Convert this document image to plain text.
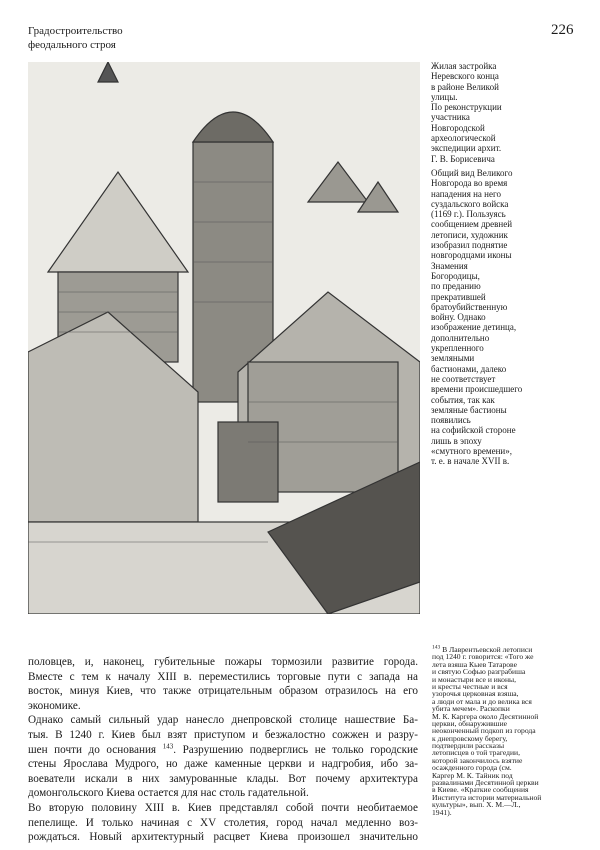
Градостроительство
феодального строя
226
Жилая застройка
Неревского конца
в районе Великой
улицы.
По реконструкции
участника
Новгородской
археологической
экспедиции архит.
Г. В. Борисевича
Общий вид Великого
Новгорода во время
нападения на него
суздальского войска
(1169 г.). Пользуясь
сообщением древней
летописи, художник
изобразил поднятие
новгородцами иконы
Знамения
Богородицы,
по преданию
прекратившей
братоубийственную
войну. Однако
изображение детинца,
дополнительно
укрепленного
земляными
бастионами, далеко
не соответствует
времени происшедшего
события, так как
земляные бастионы
появились
на софийской стороне
лишь в эпоху
«смутного времени»,
т. е. в начале XVII в.
половцев, и, наконец, губительные пожары тормозили развитие города.
Вместе с тем к началу XIII в. переместились торговые пути с запада на
восток, минуя Киев, что также отрицательным образом отразилось на его
экономике.
Однако самый сильный удар нанесло днепровской столице нашествие Ба-
тыя. В 1240 г. Киев был взят приступом и безжалостно сожжен и разру-
шен почти до основания $^{143}$. Разрушению подверглись не только городские
стены Ярослава Мудрого, но даже каменные церкви и надгробия, ибо за-
воеватели искали в них замурованные клады. Вот почему архитектура
домонгольского Киева остается для нас столь гадательной.
Во вторую половину XIII в. Киев представлял собой почти необитаемое
пепелище. И только начиная с XV столетия, город начал медленно воз-
рождаться. Новый архитектурный расцвет Киева произошел значительно
$^{143}$ В Лаврентьевской летописи
под 1240 г. говорится: «Того же
лета взяша Кыев Татарове
и святую Софью разграбиша
и монастыри все и иконы,
и кресты честные и вся
узорочья церковная взяша,
а люди от мала и до велика вся
убита мечем». Раскопки
М. К. Каргера около Десятинной
церкви, обнаружившие
неоконченный подкоп из города
к днепровскому берегу,
подтвердили рассказы
летописцев о той трагедии,
которой закончилось взятие
осажденного города (см.
Каргер М. К. Тайник под
развалинами Десятинной церкви
в Киеве. «Краткие сообщения
Института истории материальной
культуры», вып. X. М.—Л.,
1941).
